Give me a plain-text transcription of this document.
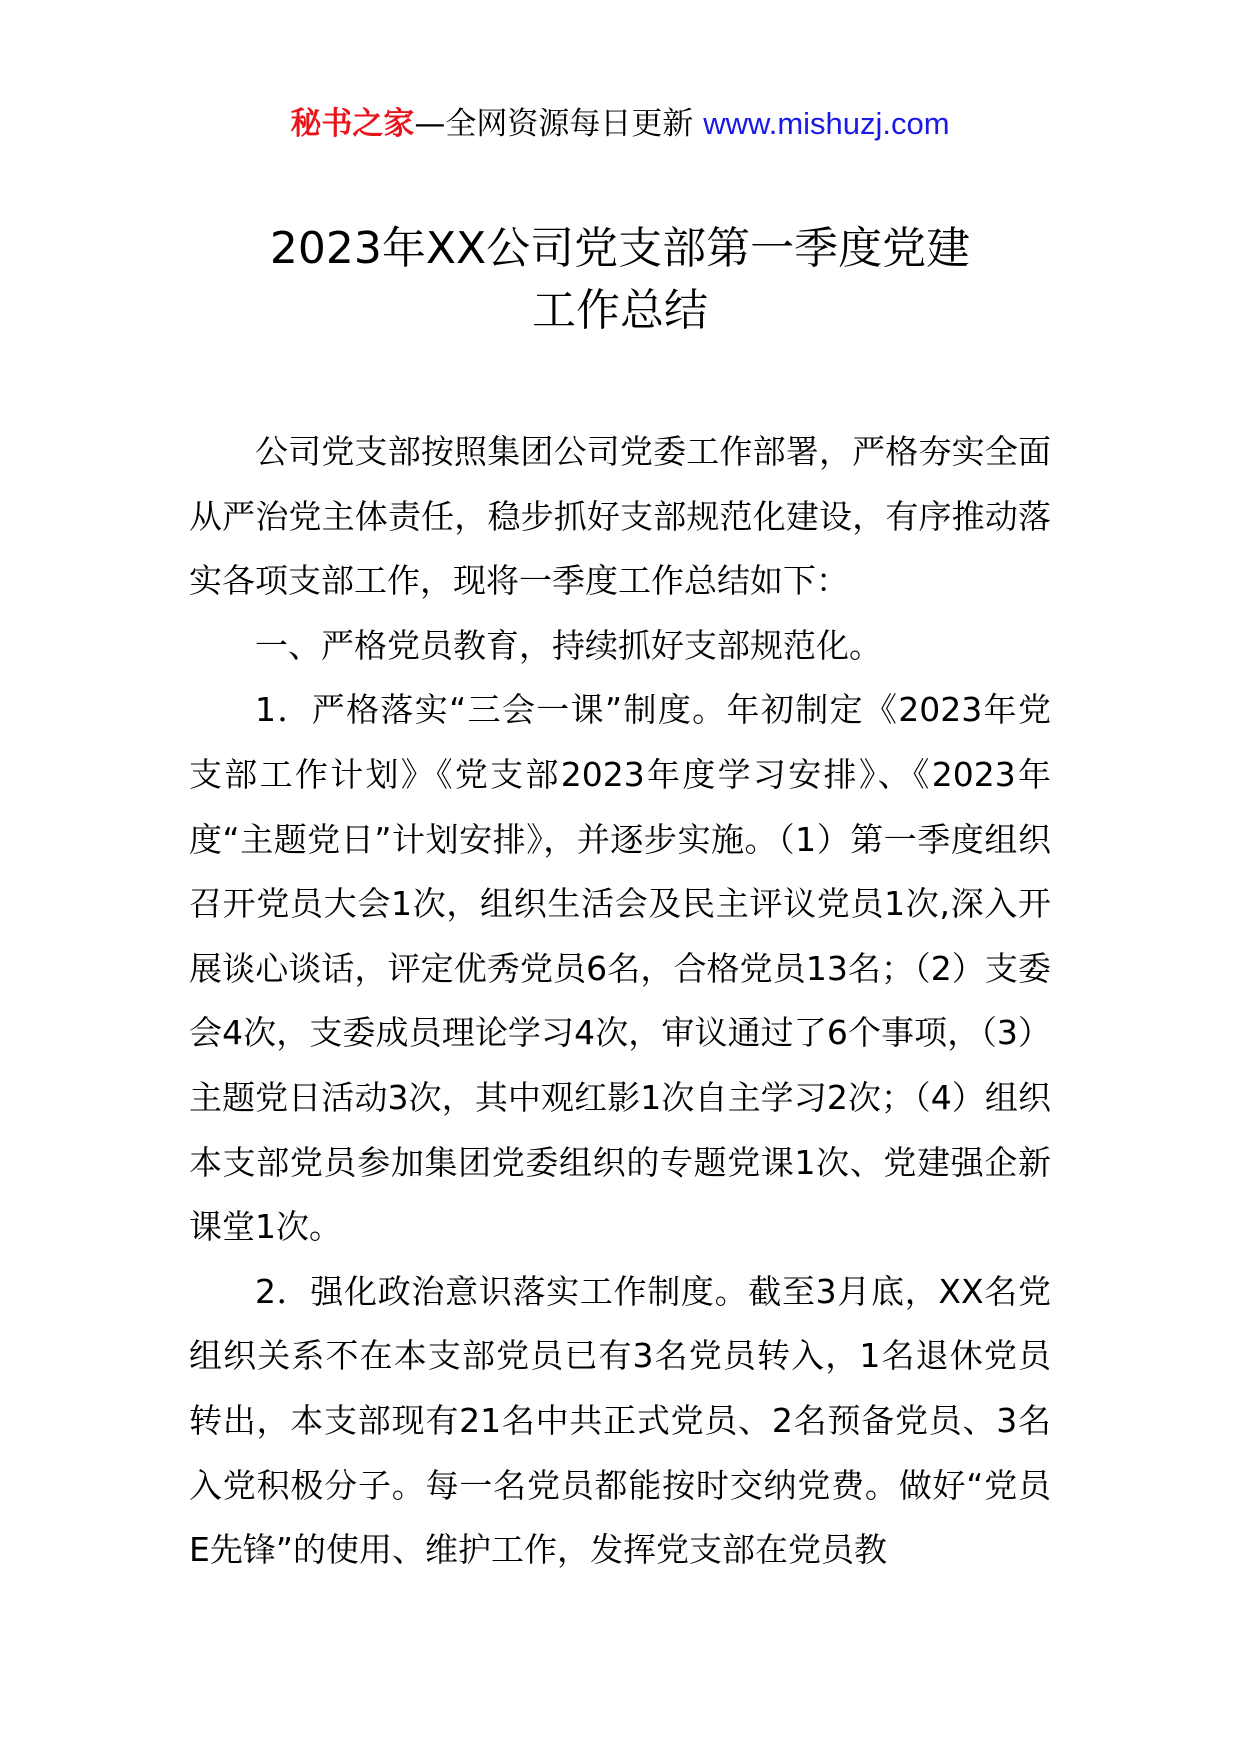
秘书之家—全网资源每日更新 www.mishuzj.com
2023年XX公司党支部第一季度党建
工作总结

公司党支部按照集团公司党委工作部署，严格夯实全面从严治党主体责任，稳步抓好支部规范化建设，有序推动落实各项支部工作，现将一季度工作总结如下：

一、严格党员教育，持续抓好支部规范化。

1．严格落实“三会一课”制度。年初制定《2023年党支部工作计划》《党支部2023年度学习安排》、《2023年度“主题党日”计划安排》，并逐步实施。（1）第一季度组织召开党员大会1次，组织生活会及民主评议党员1次,深入开展谈心谈话，评定优秀党员6名，合格党员13名；（2）支委会4次，支委成员理论学习4次，审议通过了6个事项，（3）主题党日活动3次，其中观红影1次自主学习2次；（4）组织本支部党员参加集团党委组织的专题党课1次、党建强企新课堂1次。

2．强化政治意识落实工作制度。截至3月底，XX名党组织关系不在本支部党员已有3名党员转入，1名退休党员转出，本支部现有21名中共正式党员、2名预备党员、3名入党积极分子。每一名党员都能按时交纳党费。做好“党员E先锋”的使用、维护工作，发挥党支部在党员教
